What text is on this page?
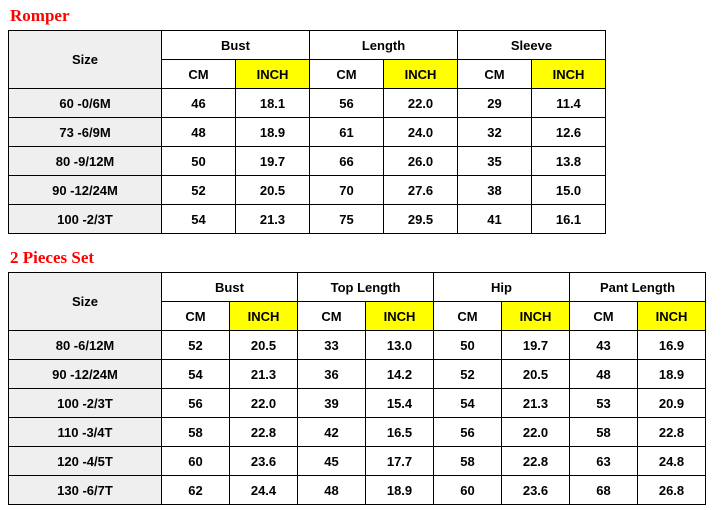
Romper
Size	Bust		Length		Sleeve	
	CM	INCH	CM	INCH	CM	INCH
60 -0/6M	46	18.1	56	22.0	29	11.4
73 -6/9M	48	18.9	61	24.0	32	12.6
80 -9/12M	50	19.7	66	26.0	35	13.8
90 -12/24M	52	20.5	70	27.6	38	15.0
100 -2/3T	54	21.3	75	29.5	41	16.1
2 Pieces Set
Size	Bust		Top Length		Hip		Pant Length	
	CM	INCH	CM	INCH	CM	INCH	CM	INCH
80 -6/12M	52	20.5	33	13.0	50	19.7	43	16.9
90 -12/24M	54	21.3	36	14.2	52	20.5	48	18.9
100 -2/3T	56	22.0	39	15.4	54	21.3	53	20.9
110 -3/4T	58	22.8	42	16.5	56	22.0	58	22.8
120 -4/5T	60	23.6	45	17.7	58	22.8	63	24.8
130 -6/7T	62	24.4	48	18.9	60	23.6	68	26.8
